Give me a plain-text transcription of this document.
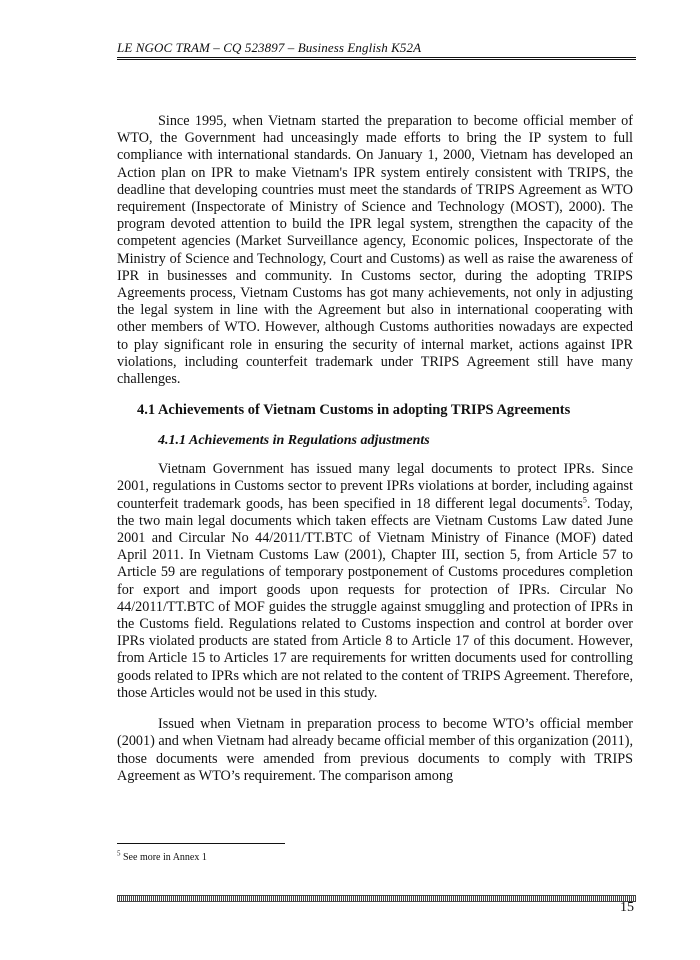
LE NGOC TRAM – CQ 523897 – Business English K52A

Since 1995, when Vietnam started the preparation to become official member of WTO, the Government had unceasingly made efforts to bring the IP system to full compliance with international standards. On January 1, 2000, Vietnam has developed an Action plan on IPR to make Vietnam's IPR system entirely consistent with TRIPS, the deadline that developing countries must meet the standards of TRIPS Agreement as WTO requirement (Inspectorate of Ministry of Science and Technology (MOST), 2000). The program devoted attention to build the IPR legal system, strengthen the capacity of the competent agencies (Market Surveillance agency, Economic polices, Inspectorate of the Ministry of Science and Technology, Court and Customs) as well as raise the awareness of IPR in businesses and community. In Customs sector, during the adopting TRIPS Agreements process, Vietnam Customs has got many achievements, not only in adjusting the legal system in line with the Agreement but also in international cooperating with other members of WTO. However, although Customs authorities nowadays are expected to play significant role in ensuring the security of internal market, actions against IPR violations, including counterfeit trademark under TRIPS Agreement still have many challenges.

4.1 Achievements of Vietnam Customs in adopting TRIPS Agreements
4.1.1 Achievements in Regulations adjustments

Vietnam Government has issued many legal documents to protect IPRs. Since 2001, regulations in Customs sector to prevent IPRs violations at border, including against counterfeit trademark goods, has been specified in 18 different legal documents$^5$. Today, the two main legal documents which taken effects are Vietnam Customs Law dated June 2001 and Circular No 44/2011/TT.BTC of Vietnam Ministry of Finance (MOF) dated April 2011. In Vietnam Customs Law (2001), Chapter III, section 5, from Article 57 to Article 59 are regulations of temporary postponement of Customs procedures completion for export and import goods upon requests for protection of IPRs. Circular No 44/2011/TT.BTC of MOF guides the struggle against smuggling and protection of IPRs in the Customs field. Regulations related to Customs inspection and control at border over IPRs violated products are stated from Article 8 to Article 17 of this document. However, from Article 15 to Articles 17 are requirements for written documents used for controlling goods related to IPRs which are not related to the content of TRIPS Agreement. Therefore, those Articles would not be used in this study.

Issued when Vietnam in preparation process to become WTO’s official member (2001) and when Vietnam had already became official member of this organization (2011), those documents were amended from previous documents to comply with TRIPS Agreement as WTO’s requirement. The comparison among

$^5$ See more in Annex 1
15
